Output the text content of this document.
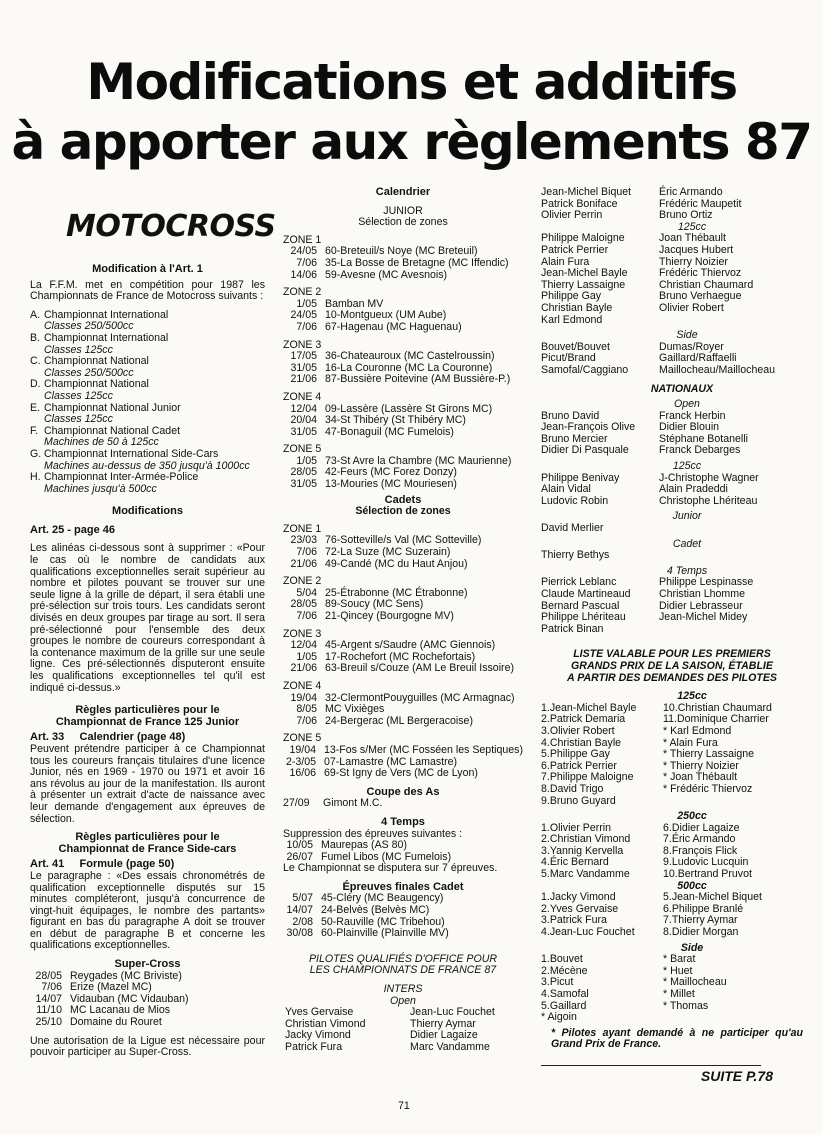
Modifications et additifs
à apporter aux règlements 87
MOTOCROSS
Modification à l'Art. 1
La F.F.M. met en compétition pour 1987 les Championnats de France de Motocross suivants :
A. Championnat International
Classes 250/500cc
B. Championnat International
Classes 125cc
C. Championnat National
Classes 250/500cc
D. Championnat National
Classes 125cc
E. Championnat National Junior
Classes 125cc
F. Championnat National Cadet
Machines de 50 à 125cc
G. Championnat International Side-Cars
Machines au-dessus de 350 jusqu'à 1000cc
H. Championnat Inter-Armée-Police
Machines jusqu'à 500cc
Modifications
Art. 25 - page 46
Les alinéas ci-dessous sont à supprimer : «Pour le cas où le nombre de candidats aux qualifications exceptionnelles serait supérieur au nombre et pilotes pouvant se trouver sur une seule ligne à la grille de départ, il sera établi une pré-sélection sur trois tours. Les candidats seront divisés en deux groupes par tirage au sort. Il sera pré-sélectionné pour l'ensemble des deux groupes le nombre de coureurs correspondant à la contenance maximum de la grille sur une seule ligne. Ces pré-sélectionnés disputeront ensuite les qualifications exceptionnelles tel qu'il est indiqué ci-dessus.»
Règles particulières pour le
Championnat de France 125 Junior
Art. 33     Calendrier (page 48)
Peuvent prétendre participer à ce Championnat tous les coureurs français titulaires d'une licence Junior, nés en 1969 - 1970 ou 1971 et avoir 16 ans révolus au jour de la manifestation. Ils auront à présenter un extrait d'acte de naissance avec leur demande d'engagement aux épreuves de sélection.
Règles particulières pour le
Championnat de France Side-cars
Art. 41     Formule (page 50)
Le paragraphe : «Des essais chronométrés de qualification exceptionnelle disputés sur 15 minutes compléteront, jusqu'à concurrence de vingt-huit équipages, le nombre des partants» figurant en bas du paragraphe A doit se trouver en début de paragraphe B et concerne les qualifications exceptionnelles.
Super-Cross
28/05	Reygades (MC Briviste)
7/06	Erize (Mazel MC)
14/07	Vidauban (MC Vidauban)
11/10	MC Lacanau de Mios
25/10	Domaine du Rouret
Une autorisation de la Ligue est nécessaire pour pouvoir participer au Super-Cross.
Calendrier
JUNIOR
Sélection de zones
ZONE 1
24/05	60-Breteuil/s Noye (MC Breteuil)
7/06	35-La Bosse de Bretagne (MC Iffendic)
14/06	59-Avesne (MC Avesnois)
ZONE 2
1/05	Bamban MV
24/05	10-Montgueux (UM Aube)
7/06	67-Hagenau (MC Haguenau)
ZONE 3
17/05	36-Chateauroux (MC Castelroussin)
31/05	16-La Couronne (MC La Couronne)
21/06	87-Bussière Poitevine (AM Bussière-P.)
ZONE 4
12/04	09-Lassère (Lassère St Girons MC)
20/04	34-St Thibéry (St Thibéry MC)
31/05	47-Bonaguil (MC Fumelois)
ZONE 5
1/05	73-St Avre la Chambre (MC Maurienne)
28/05	42-Feurs (MC Forez Donzy)
31/05	13-Mouries (MC Mouriesen)
Cadets
Sélection de zones
ZONE 1
23/03	76-Sotteville/s Val (MC Sotteville)
7/06	72-La Suze (MC Suzerain)
21/06	49-Candé (MC du Haut Anjou)
ZONE 2
5/04	25-Étrabonne (MC Étrabonne)
28/05	89-Soucy (MC Sens)
7/06	21-Qincey (Bourgogne MV)
ZONE 3
12/04	45-Argent s/Saudre (AMC Giennois)
1/05	17-Rochefort (MC Rochefortais)
21/06	63-Breuil s/Couze (AM Le Breuil Issoire)
ZONE 4
19/04	32-ClermontPouyguilles (MC Armagnac)
8/05	MC Vixièges
7/06	24-Bergerac (ML Bergeracoise)
ZONE 5
19/04	13-Fos s/Mer (MC Fosséen les Septiques)
2-3/05	07-Lamastre (MC Lamastre)
16/06	69-St Igny de Vers (MC de Lyon)
Coupe des As
27/09	Gimont M.C.
4 Temps
Suppression des épreuves suivantes :
10/05	Maurepas (AS 80)
26/07	Fumel Libos (MC Fumelois)
Le Championnat se disputera sur 7 épreuves.
Épreuves finales Cadet
5/07	45-Cléry (MC Beaugency)
14/07	24-Belvès (Belvès MC)
2/08	50-Rauville (MC Tribehou)
30/08	60-Plainville (Plainville MV)
PILOTES QUALIFIÉS D'OFFICE POUR
LES CHAMPIONNATS DE FRANCE 87
INTERS
Open
Yves Gervaise	Jean-Luc Fouchet
Christian Vimond	Thierry Aymar
Jacky Vimond	Didier Lagaize
Patrick Fura	Marc Vandamme
71
Jean-Michel Biquet	Éric Armando
Patrick Boniface	Frédéric Maupetit
Olivier Perrin	Bruno Ortiz
125cc
Philippe Maloigne	Joan Thébault
Patrick Perrier	Jacques Hubert
Alain Fura	Thierry Noizier
Jean-Michel Bayle	Frédéric Thiervoz
Thierry Lassaigne	Christian Chaumard
Philippe Gay	Bruno Verhaegue
Christian Bayle	Olivier Robert
Karl Edmond	
Side
Bouvet/Bouvet	Dumas/Royer
Picut/Brand	Gaillard/Raffaelli
Samofal/Caggiano	Maillocheau/Maillocheau
NATIONAUX
Open
Bruno David	Franck Herbin
Jean-François Olive	Didier Blouin
Bruno Mercier	Stéphane Botanelli
Didier Di Pasquale	Franck Debarges
125cc
Philippe Benivay	J-Christophe Wagner
Alain Vidal	Alain Pradeddi
Ludovic Robin	Christophe Lhériteau
Junior
David Merlier
Cadet
Thierry Bethys
4 Temps
Pierrick Leblanc	Philippe Lespinasse
Claude Martineaud	Christian Lhomme
Bernard Pascual	Didier Lebrasseur
Philippe Lhériteau	Jean-Michel Midey
Patrick Binan	
LISTE VALABLE POUR LES PREMIERS
GRANDS PRIX DE LA SAISON, ÉTABLIE
A PARTIR DES DEMANDES DES PILOTES
125cc
1.Jean-Michel Bayle	10.Christian Chaumard
2.Patrick Demaria	11.Dominique Charrier
3.Olivier Robert	* Karl Edmond
4.Christian Bayle	* Alain Fura
5.Philippe Gay	* Thierry Lassaigne
6.Patrick Perrier	* Thierry Noizier
7.Philippe Maloigne	* Joan Thébault
8.David Trigo	* Frédéric Thiervoz
9.Bruno Guyard	
250cc
1.Olivier Perrin	6.Didier Lagaize
2.Christian Vimond	7.Éric Armando
3.Yannig Kervella	8.François Flick
4.Éric Bernard	9.Ludovic Lucquin
5.Marc Vandamme	10.Bertrand Pruvot
500cc
1.Jacky Vimond	5.Jean-Michel Biquet
2.Yves Gervaise	6.Philippe Branlé
3.Patrick Fura	7.Thierry Aymar
4.Jean-Luc Fouchet	8.Didier Morgan
Side
1.Bouvet	* Barat
2.Mécène	* Huet
3.Picut	* Maillocheau
4.Samofal	* Millet
5.Gaillard	* Thomas
* Aigoin	
* Pilotes ayant demandé à ne participer qu'au Grand Prix de France.
SUITE P.78
